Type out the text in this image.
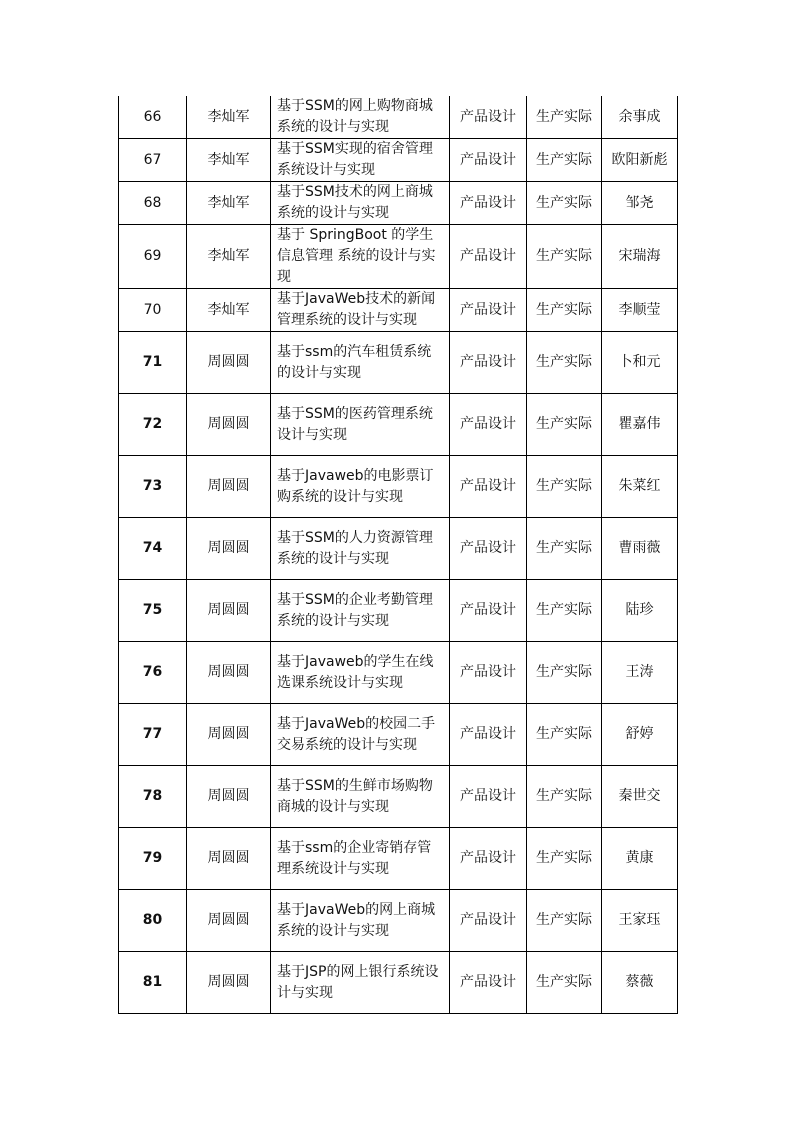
66	李灿军	基于SSM的网上购物商城系统的设计与实现	产品设计	生产实际	余事成
67	李灿军	基于SSM实现的宿舍管理系统设计与实现	产品设计	生产实际	欧阳新彪
68	李灿军	基于SSM技术的网上商城系统的设计与实现	产品设计	生产实际	邹尧
69	李灿军	基于 SpringBoot 的学生信息管理 系统的设计与实现	产品设计	生产实际	宋瑞海
70	李灿军	基于JavaWeb技术的新闻管理系统的设计与实现	产品设计	生产实际	李顺莹
71	周圆圆	基于ssm的汽车租赁系统的设计与实现	产品设计	生产实际	卜和元
72	周圆圆	基于SSM的医药管理系统设计与实现	产品设计	生产实际	瞿嘉伟
73	周圆圆	基于Javaweb的电影票订购系统的设计与实现	产品设计	生产实际	朱菜红
74	周圆圆	基于SSM的人力资源管理系统的设计与实现	产品设计	生产实际	曹雨薇
75	周圆圆	基于SSM的企业考勤管理系统的设计与实现	产品设计	生产实际	陆珍
76	周圆圆	基于Javaweb的学生在线选课系统设计与实现	产品设计	生产实际	王涛
77	周圆圆	基于JavaWeb的校园二手交易系统的设计与实现	产品设计	生产实际	舒婷
78	周圆圆	基于SSM的生鲜市场购物商城的设计与实现	产品设计	生产实际	秦世交
79	周圆圆	基于ssm的企业寄销存管理系统设计与实现	产品设计	生产实际	黄康
80	周圆圆	基于JavaWeb的网上商城系统的设计与实现	产品设计	生产实际	王家珏
81	周圆圆	基于JSP的网上银行系统设计与实现	产品设计	生产实际	蔡薇
